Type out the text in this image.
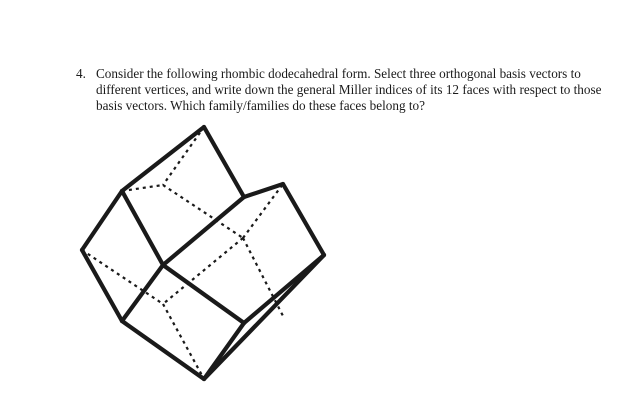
4. Consider the following rhombic dodecahedral form. Select three orthogonal basis vectors to different vertices, and write down the general Miller indices of its 12 faces with respect to those basis vectors. Which family/families do these faces belong to?
